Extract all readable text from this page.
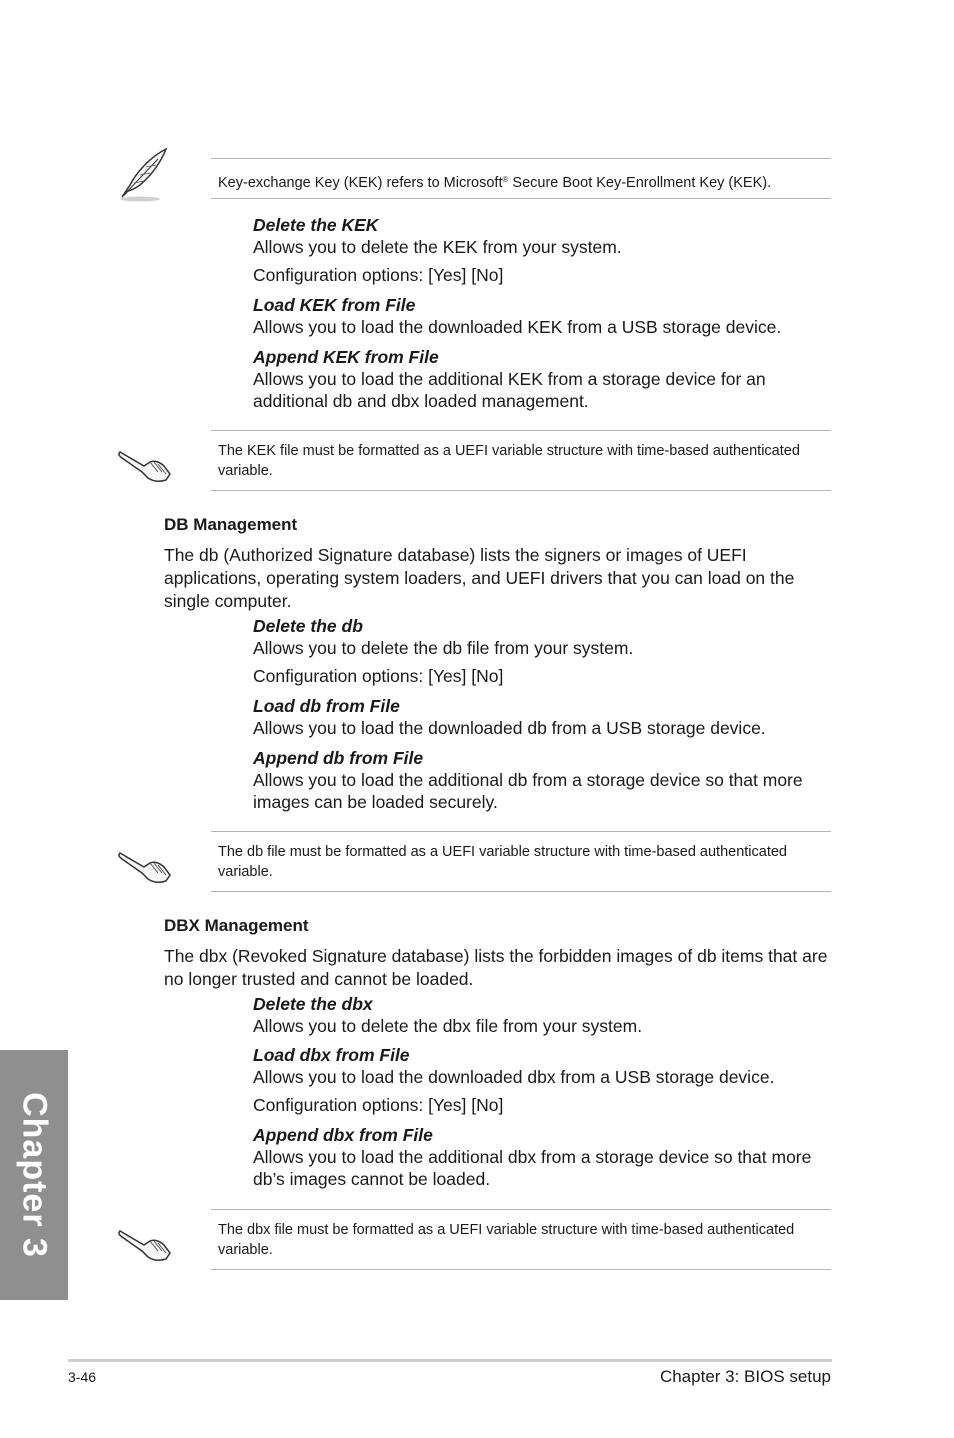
Key-exchange Key (KEK) refers to Microsoft® Secure Boot Key-Enrollment Key (KEK).
Delete the KEK
Allows you to delete the KEK from your system.
Configuration options: [Yes] [No]
Load KEK from File
Allows you to load the downloaded KEK from a USB storage device.
Append KEK from File
Allows you to load the additional KEK from a storage device for an additional db and dbx loaded management.
The KEK file must be formatted as a UEFI variable structure with time-based authenticated variable.
DB Management
The db (Authorized Signature database) lists the signers or images of UEFI applications, operating system loaders, and UEFI drivers that you can load on the single computer.
Delete the db
Allows you to delete the db file from your system.
Configuration options: [Yes] [No]
Load db from File
Allows you to load the downloaded db from a USB storage device.
Append db from File
Allows you to load the additional db from a storage device so that more images can be loaded securely.
The db file must be formatted as a UEFI variable structure with time-based authenticated variable.
DBX Management
The dbx (Revoked Signature database) lists the forbidden images of db items that are no longer trusted and cannot be loaded.
Delete the dbx
Allows you to delete the dbx file from your system.
Load dbx from File
Allows you to load the downloaded dbx from a USB storage device.
Configuration options: [Yes] [No]
Append dbx from File
Allows you to load the additional dbx from a storage device so that more db’s images cannot be loaded.
The dbx file must be formatted as a UEFI variable structure with time-based authenticated variable.
Chapter 3
3-46	Chapter 3: BIOS setup
